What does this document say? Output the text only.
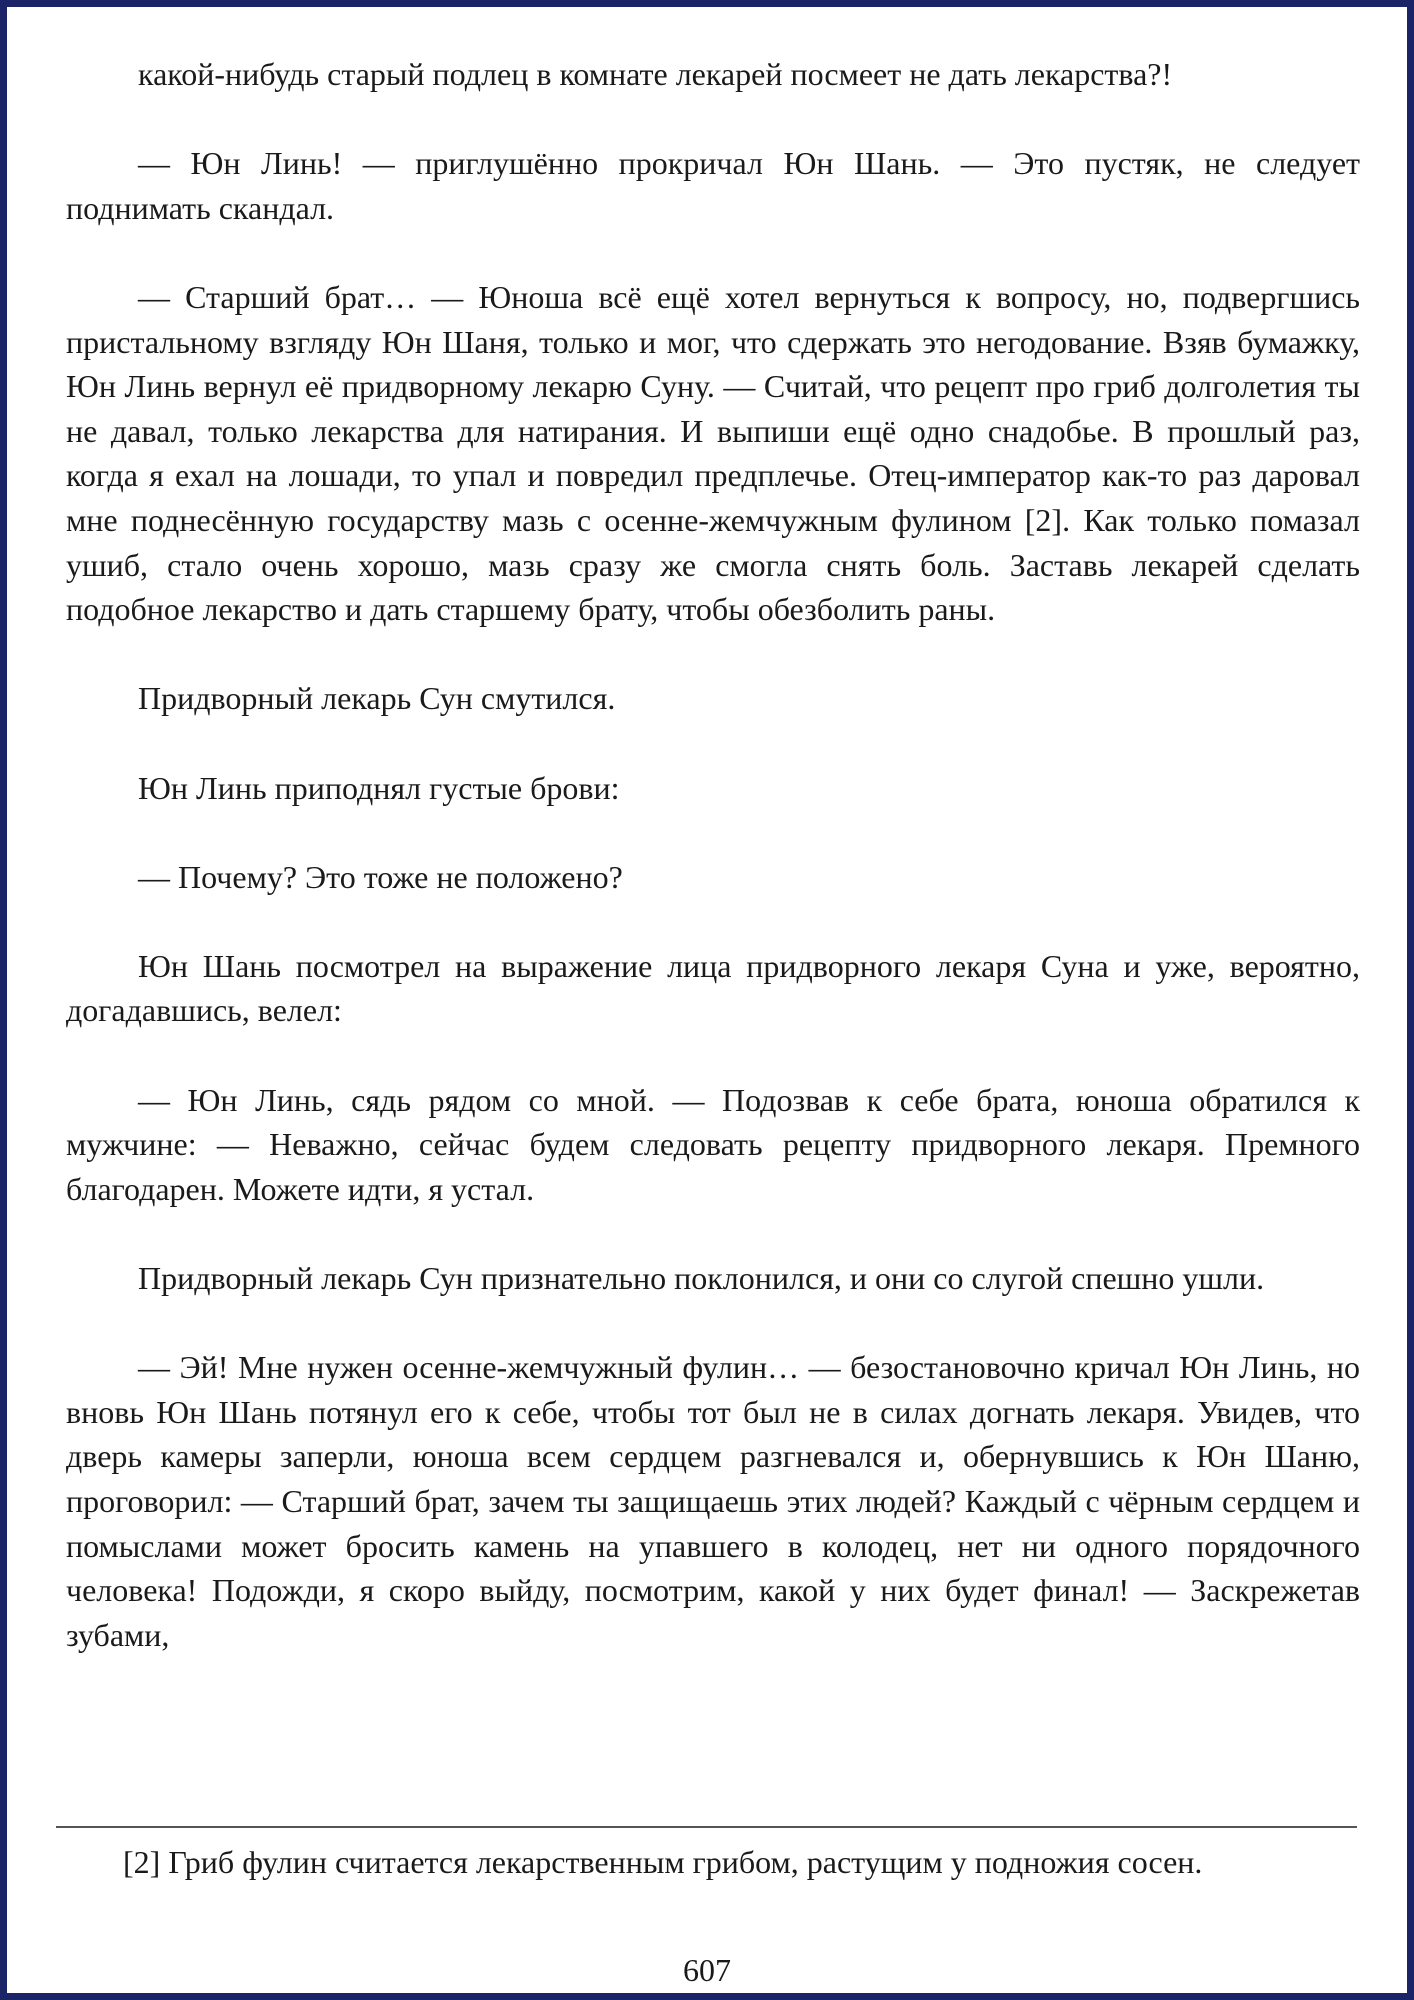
какой-нибудь старый подлец в комнате лекарей посмеет не дать лекарства?!

— Юн Линь! — приглушённо прокричал Юн Шань. — Это пустяк, не следует поднимать скандал.

— Старший брат… — Юноша всё ещё хотел вернуться к вопросу, но, подвергшись пристальному взгляду Юн Шаня, только и мог, что сдержать это негодование. Взяв бумажку, Юн Линь вернул её придворному лекарю Суну. — Считай, что рецепт про гриб долголетия ты не давал, только лекарства для натирания. И выпиши ещё одно снадобье. В прошлый раз, когда я ехал на лошади, то упал и повредил предплечье. Отец-император как-то раз даровал мне поднесённую государству мазь с осенне-жемчужным фулином [2]. Как только помазал ушиб, стало очень хорошо, мазь сразу же смогла снять боль. Заставь лекарей сделать подобное лекарство и дать старшему брату, чтобы обезболить раны.

Придворный лекарь Сун смутился.

Юн Линь приподнял густые брови:

— Почему? Это тоже не положено?

Юн Шань посмотрел на выражение лица придворного лекаря Суна и уже, вероятно, догадавшись, велел:

— Юн Линь, сядь рядом со мной. — Подозвав к себе брата, юноша обратился к мужчине: — Неважно, сейчас будем следовать рецепту придворного лекаря. Премного благодарен. Можете идти, я устал.

Придворный лекарь Сун признательно поклонился, и они со слугой спешно ушли.

— Эй! Мне нужен осенне-жемчужный фулин… — безостановочно кричал Юн Линь, но вновь Юн Шань потянул его к себе, чтобы тот был не в силах догнать лекаря. Увидев, что дверь камеры заперли, юноша всем сердцем разгневался и, обернувшись к Юн Шаню, проговорил: — Старший брат, зачем ты защищаешь этих людей? Каждый с чёрным сердцем и помыслами может бросить камень на упавшего в колодец, нет ни одного порядочного человека! Подожди, я скоро выйду, посмотрим, какой у них будет финал! — Заскрежетав зубами,

[2] Гриб фулин считается лекарственным грибом, растущим у подножия сосен.

607
